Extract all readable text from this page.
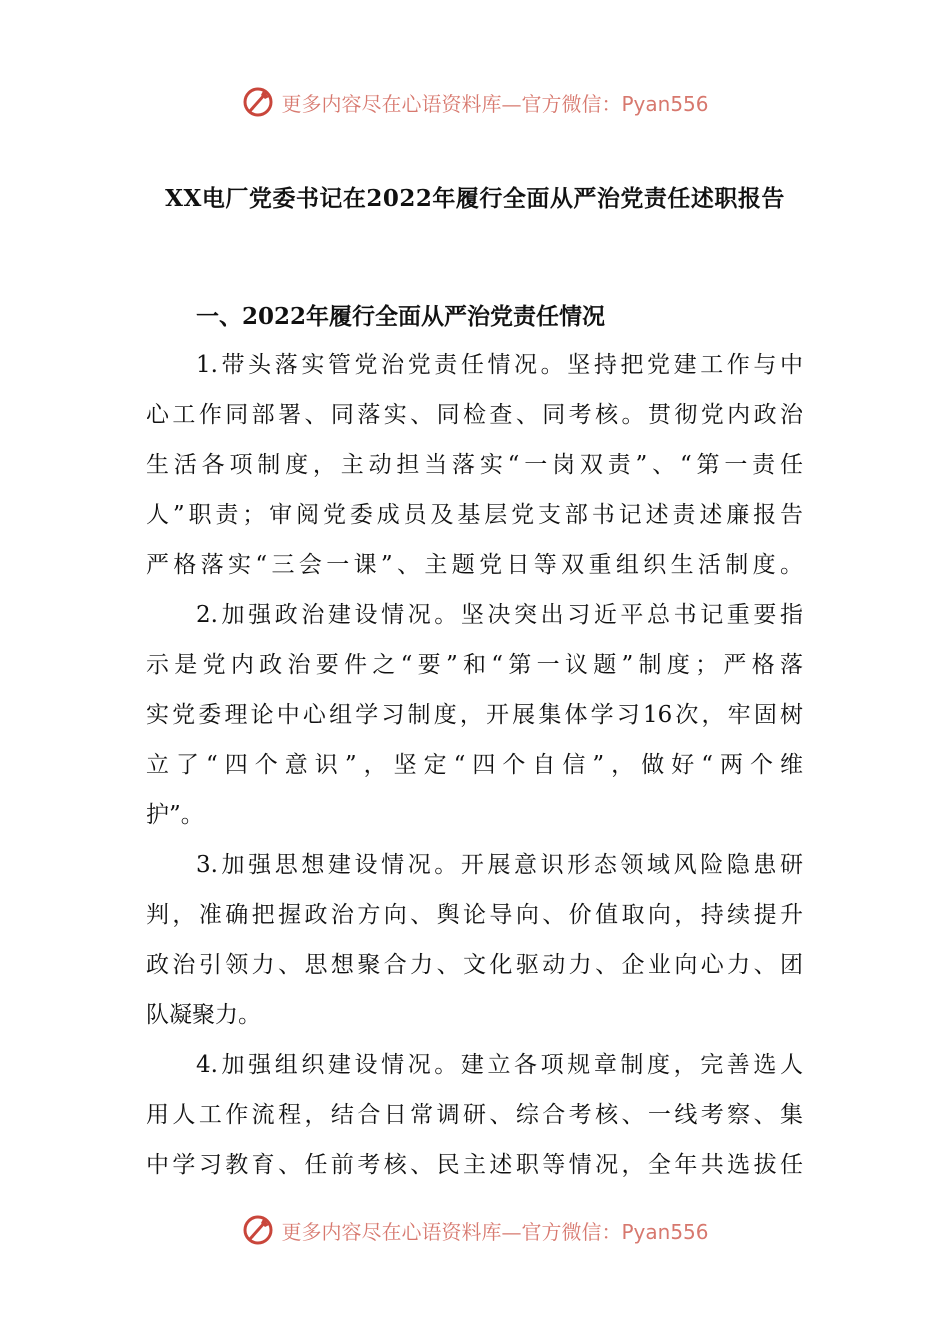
更多内容尽在心语资料库—官方微信：Pyan556
XX电厂党委书记在2022年履行全面从严治党责任述职报告
一、2022年履行全面从严治党责任情况

1.带头落实管党治党责任情况。坚持把党建工作与中

心工作同部署、同落实、同检查、同考核。贯彻党内政治

生活各项制度，主动担当落实“一岗双责”、“第一责任

人”职责；审阅党委成员及基层党支部书记述责述廉报告

严格落实“三会一课”、主题党日等双重组织生活制度。

2.加强政治建设情况。坚决突出习近平总书记重要指

示是党内政治要件之“要”和“第一议题”制度；严格落

实党委理论中心组学习制度，开展集体学习16次，牢固树

立了“四个意识”，坚定“四个自信”，做好“两个维

护”。

3.加强思想建设情况。开展意识形态领域风险隐患研

判，准确把握政治方向、舆论导向、价值取向，持续提升

政治引领力、思想聚合力、文化驱动力、企业向心力、团

队凝聚力。

4.加强组织建设情况。建立各项规章制度，完善选人

用人工作流程，结合日常调研、综合考核、一线考察、集

中学习教育、任前考核、民主述职等情况，全年共选拔任

更多内容尽在心语资料库—官方微信：Pyan556
